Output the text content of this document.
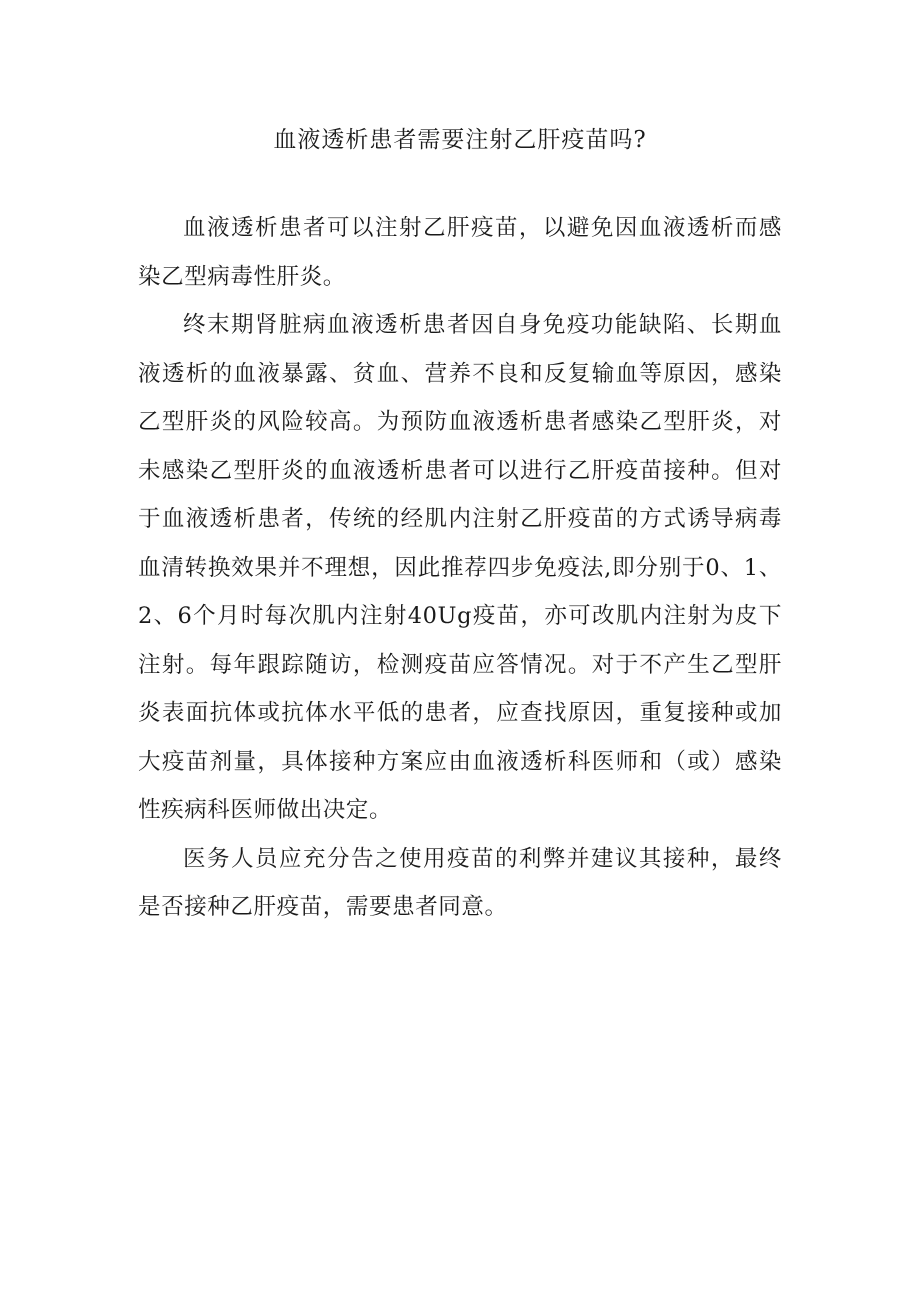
血液透析患者需要注射乙肝疫苗吗?

血液透析患者可以注射乙肝疫苗，以避免因血液透析而感染乙型病毒性肝炎。

终末期肾脏病血液透析患者因自身免疫功能缺陷、长期血液透析的血液暴露、贫血、营养不良和反复输血等原因，感染乙型肝炎的风险较高。为预防血液透析患者感染乙型肝炎，对未感染乙型肝炎的血液透析患者可以进行乙肝疫苗接种。但对于血液透析患者，传统的经肌内注射乙肝疫苗的方式诱导病毒血清转换效果并不理想，因此推荐四步免疫法,即分别于0、1、2、6个月时每次肌内注射40Ug疫苗，亦可改肌内注射为皮下注射。每年跟踪随访，检测疫苗应答情况。对于不产生乙型肝炎表面抗体或抗体水平低的患者，应查找原因，重复接种或加大疫苗剂量，具体接种方案应由血液透析科医师和（或）感染性疾病科医师做出决定。

医务人员应充分告之使用疫苗的利弊并建议其接种，最终是否接种乙肝疫苗，需要患者同意。
